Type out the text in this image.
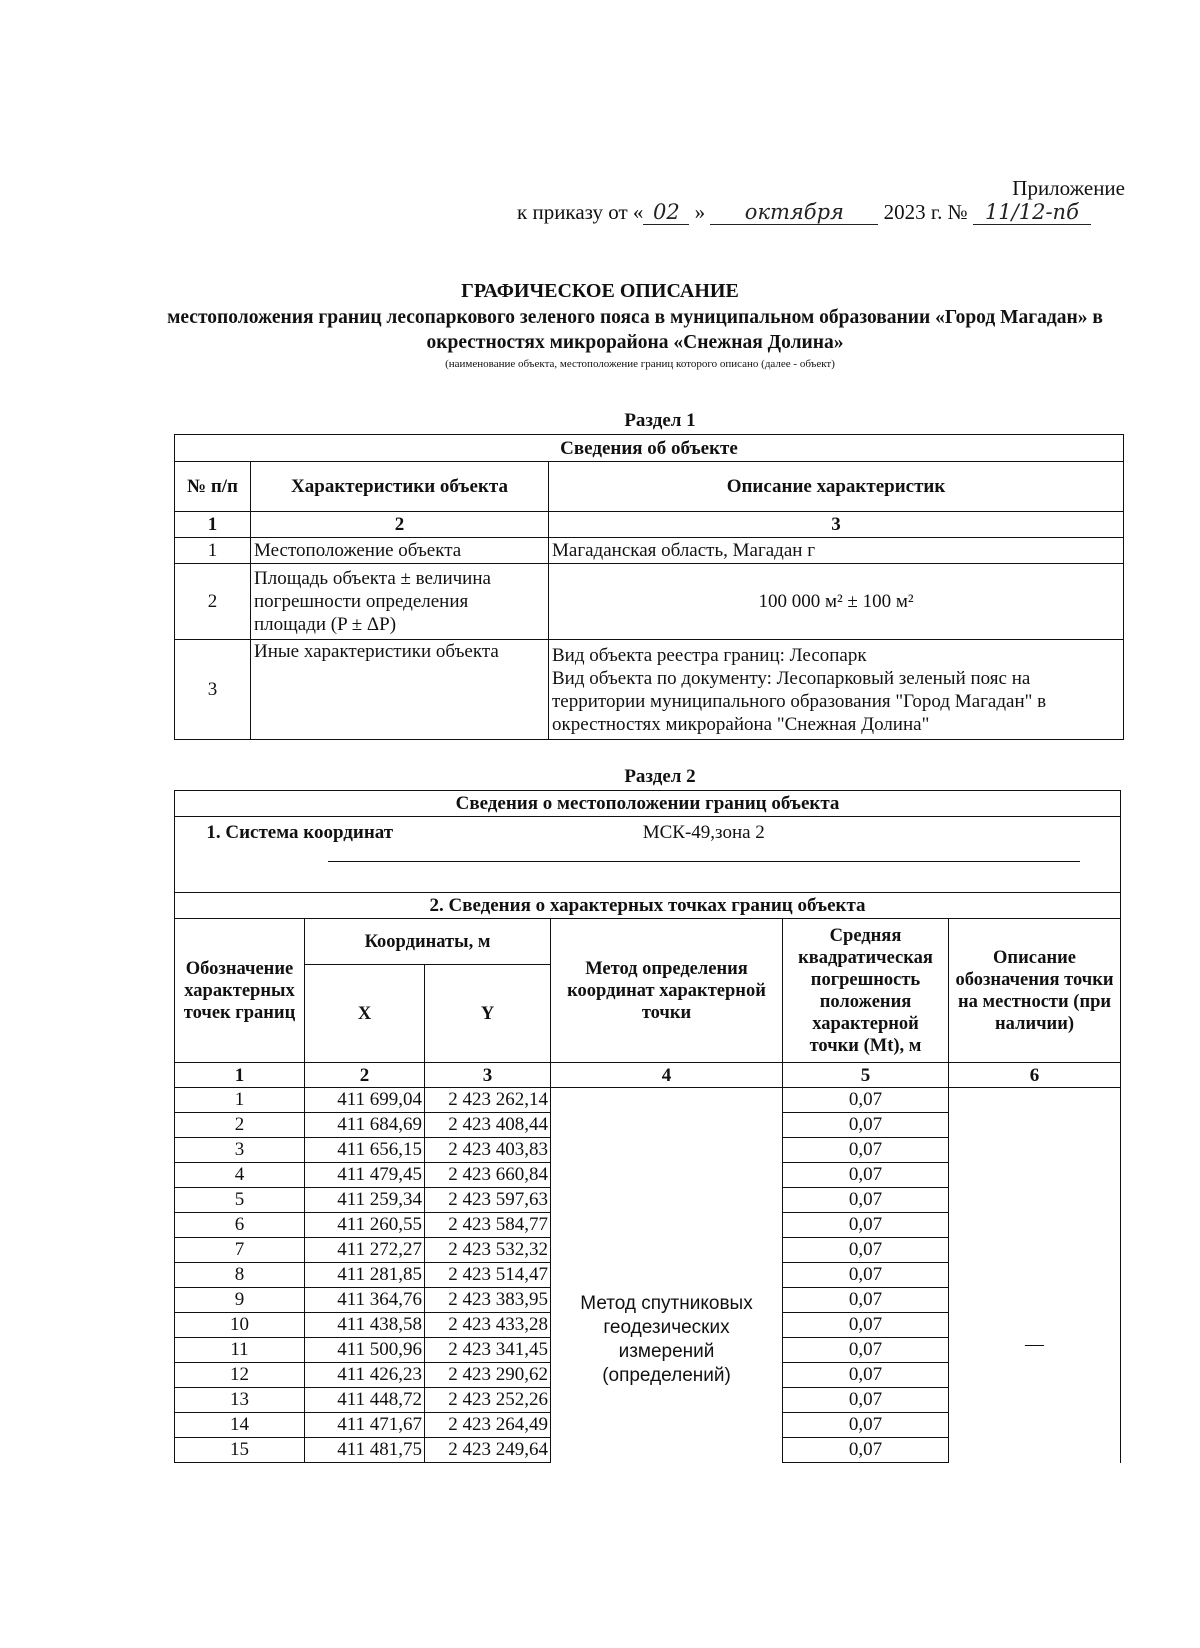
Приложение
к приказу от « 02 » октября 2023 г. № 11/12-пб
ГРАФИЧЕСКОЕ ОПИСАНИЕ
местоположения границ лесопаркового зеленого пояса в муниципальном образовании «Город Магадан» в окрестностях микрорайона «Снежная Долина»
(наименование объекта, местоположение границ которого описано (далее - объект)
Раздел 1
Сведения об объекте		
№ п/п	Характеристики объекта	Описание характеристик
1	2	3
1	Местоположение объекта	Магаданская область, Магадан г
2	Площадь объекта ± величина погрешности определения площади (P ± ΔP)	100 000 м² ± 100 м²
3	Иные характеристики объекта	Вид объекта реестра границ: Лесопарк
Вид объекта по документу: Лесопарковый зеленый пояс на территории муниципального образования "Город Магадан" в окрестностях микрорайона "Снежная Долина"
Раздел 2
Сведения о местоположении границ объекта					
1. Система координат		МСК-49,зона 2			

2. Сведения о характерных точках границ объекта					
Обозначение характерных точек границ	Координаты, м		Метод определения координат характерной точки	Средняя квадратическая погрешность положения характерной точки (Mt), м	Описание обозначения точки на местности (при наличии)
	X	Y			
1	2	3	4	5	6
1	411 699,04	2 423 262,14	Метод спутниковых геодезических измерений (определений)	0,07	—
2	411 684,69	2 423 408,44		0,07	
3	411 656,15	2 423 403,83		0,07	
4	411 479,45	2 423 660,84		0,07	
5	411 259,34	2 423 597,63		0,07	
6	411 260,55	2 423 584,77		0,07	
7	411 272,27	2 423 532,32		0,07	
8	411 281,85	2 423 514,47		0,07	
9	411 364,76	2 423 383,95		0,07	
10	411 438,58	2 423 433,28		0,07	
11	411 500,96	2 423 341,45		0,07	
12	411 426,23	2 423 290,62		0,07	
13	411 448,72	2 423 252,26		0,07	
14	411 471,67	2 423 264,49		0,07	
15	411 481,75	2 423 249,64		0,07	
